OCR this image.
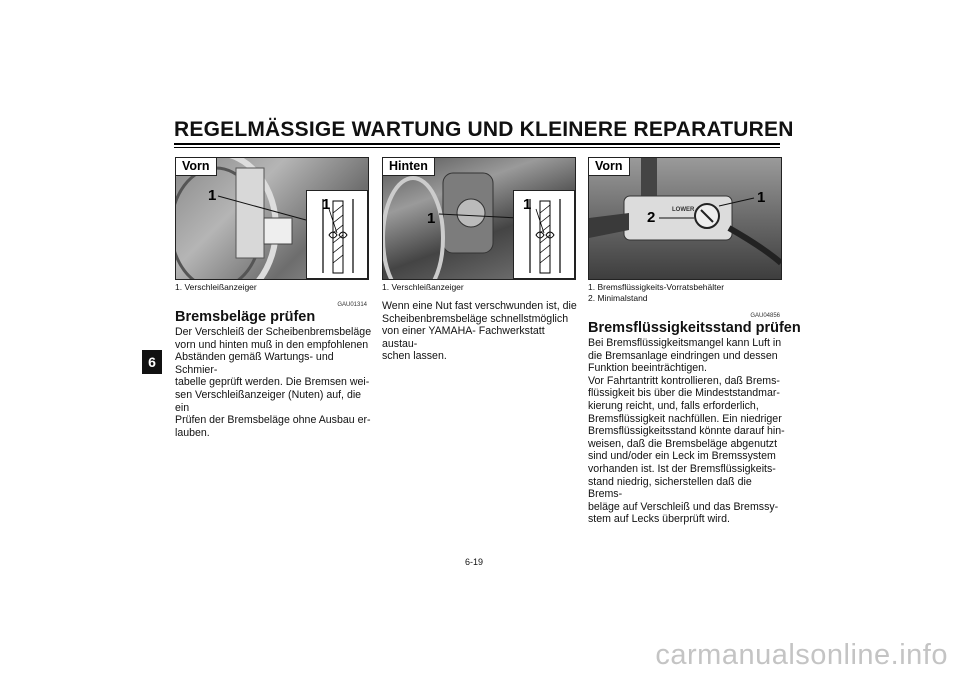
REGELMÄSSIGE WARTUNG UND KLEINERE REPARATUREN
6
Vorn
1
1
1. Verschleißanzeiger
Hinten
1
1
1. Verschleißanzeiger
Vorn
LOWER
1
2
1. Bremsflüssigkeits-Vorratsbehälter
2. Minimalstand
GAU01314
Bremsbeläge prüfen

Der Verschleiß der Scheibenbremsbeläge

vorn und hinten muß in den empfohlenen

Abständen gemäß Wartungs- und Schmier-

tabelle geprüft werden. Die Bremsen wei-

sen Verschleißanzeiger (Nuten) auf, die ein

Prüfen der Bremsbeläge ohne Ausbau er-

lauben.

Wenn eine Nut fast verschwunden ist, die

Scheibenbremsbeläge schnellstmöglich

von einer YAMAHA- Fachwerkstatt austau-

schen lassen.

GAU04856
Bremsflüssigkeitsstand prüfen

Bei Bremsflüssigkeitsmangel kann Luft in

die Bremsanlage eindringen und dessen

Funktion beeinträchtigen.

Vor Fahrtantritt kontrollieren, daß Brems-

flüssigkeit bis über die Mindeststandmar-

kierung reicht, und, falls erforderlich,

Bremsflüssigkeit nachfüllen. Ein niedriger

Bremsflüssigkeitsstand könnte darauf hin-

weisen, daß die Bremsbeläge abgenutzt

sind und/oder ein Leck im Bremssystem

vorhanden ist. Ist der Bremsflüssigkeits-

stand niedrig, sicherstellen daß die Brems-

beläge auf Verschleiß und das Bremssy-

stem auf Lecks überprüft wird.

6-19
carmanualsonline.info
